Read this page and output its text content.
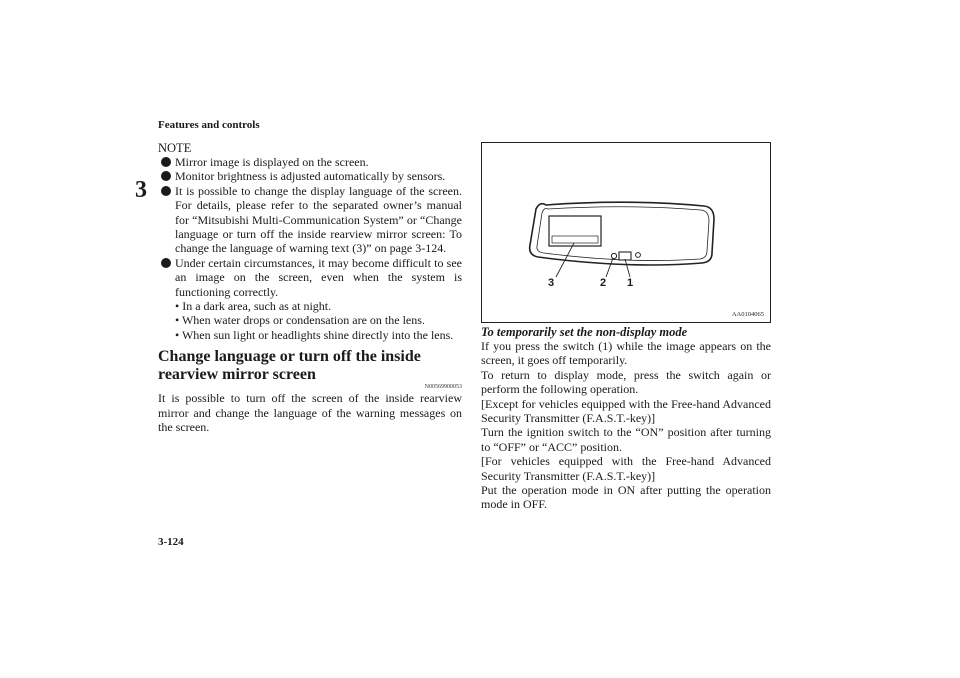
Features and controls
3
NOTE
Mirror image is displayed on the screen.
Monitor brightness is adjusted automatically by sensors.
It is possible to change the display language of the screen. For details, please refer to the separated owner’s manual for “Mitsubishi Multi-Communication System” or “Change language or turn off the inside rearview mirror screen: To change the language of warning text (3)” on page 3-124.
Under certain circumstances, it may become difficult to see an image on the screen, even when the system is functioning correctly.
• In a dark area, such as at night.
• When water drops or condensation are on the lens.
• When sun light or headlights shine directly into the lens.
Change language or turn off the inside rearview mirror screen
N00569900053

It is possible to turn off the screen of the inside rearview mirror and change the language of the warning messages on the screen.

3	2 1
AA0104065
To temporarily set the non-display mode

If you press the switch (1) while the image appears on the screen, it goes off temporarily.

To return to display mode, press the switch again or perform the following operation.

[Except for vehicles equipped with the Free-hand Advanced Security Transmitter (F.A.S.T.-key)]

Turn the ignition switch to the “ON” position after turning to “OFF” or “ACC” position.

[For vehicles equipped with the Free-hand Advanced Security Transmitter (F.A.S.T.-key)]

Put the operation mode in ON after putting the operation mode in OFF.

3-124
